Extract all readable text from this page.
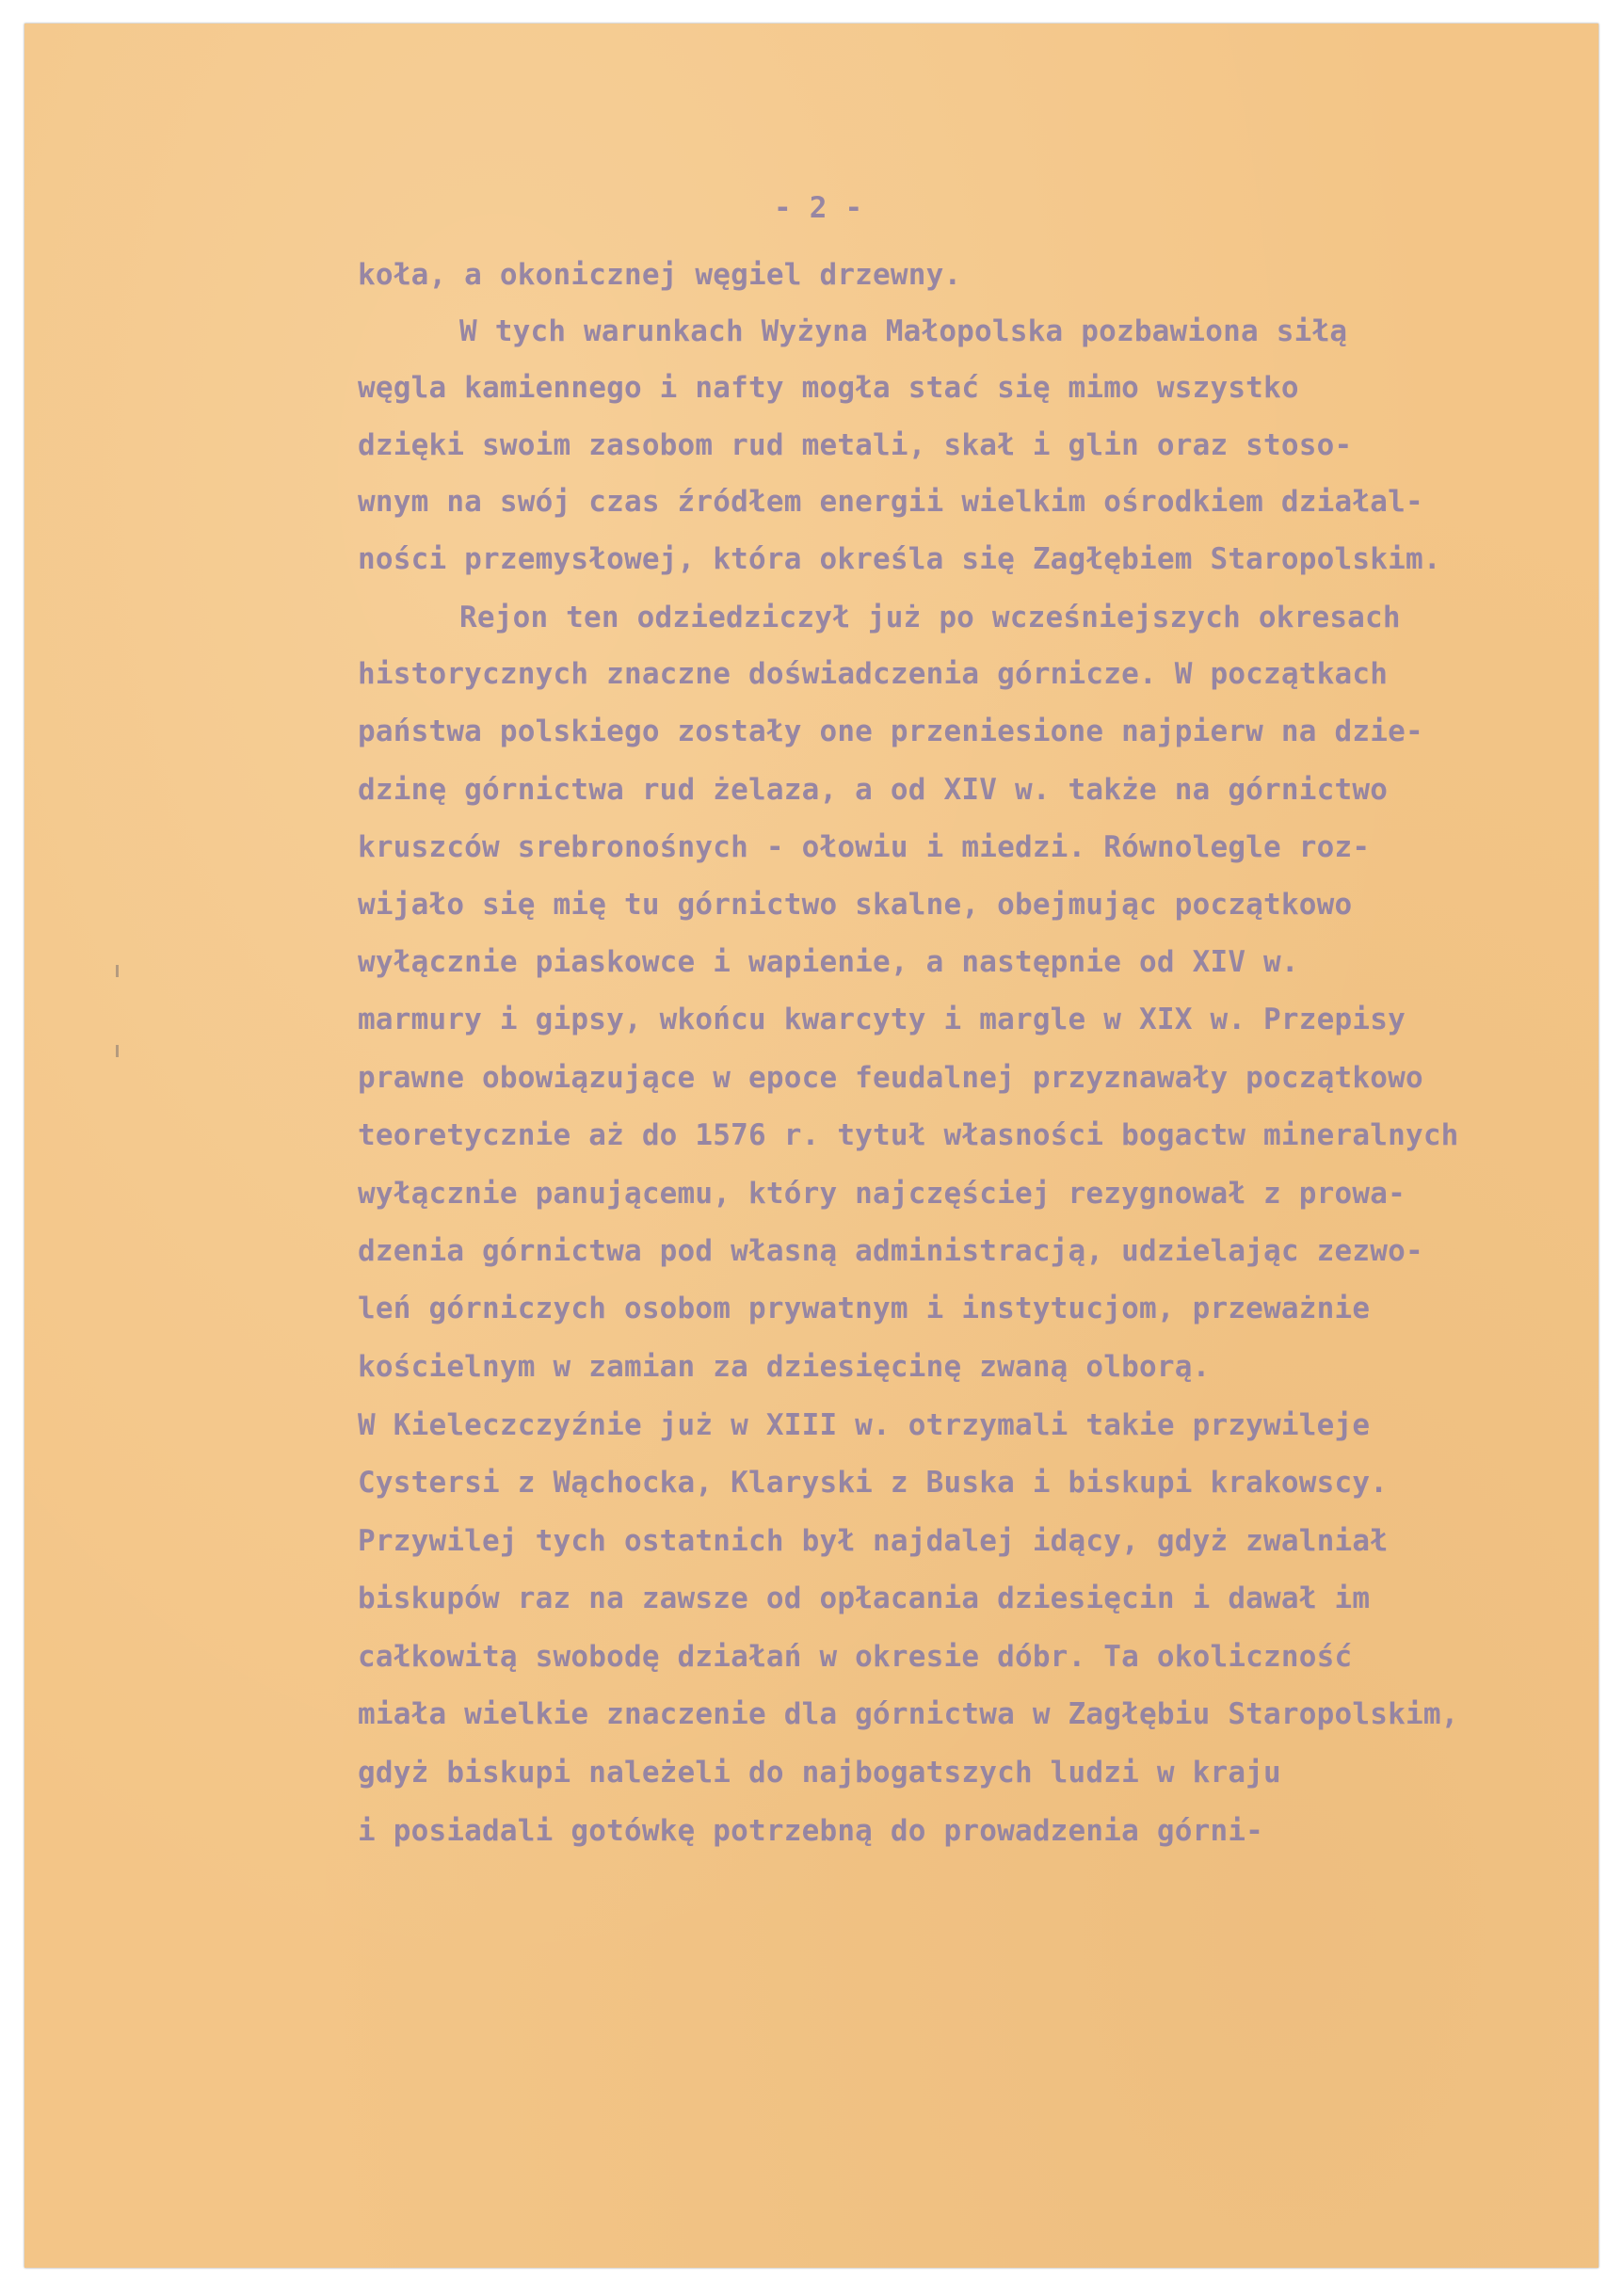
- 2 -

koła, a okonicznej węgiel drzewny.

W tych warunkach Wyżyna Małopolska pozbawiona siłą

węgla kamiennego i nafty mogła stać się mimo wszystko

dzięki swoim zasobom rud metali, skał i glin oraz stoso-

wnym na swój czas źródłem energii wielkim ośrodkiem działal-

ności przemysłowej, która określa się Zagłębiem Staropolskim.

Rejon ten odziedziczył już po wcześniejszych okresach

historycznych znaczne doświadczenia górnicze. W początkach

państwa polskiego zostały one przeniesione najpierw na dzie-

dzinę górnictwa rud żelaza, a od XIV w. także na górnictwo

kruszców srebronośnych - ołowiu i miedzi. Równolegle roz-

wijało się mię tu górnictwo skalne, obejmując początkowo

wyłącznie piaskowce i wapienie, a następnie od XIV w.

marmury i gipsy, wkońcu kwarcyty i margle w XIX w. Przepisy

prawne obowiązujące w epoce feudalnej przyznawały początkowo

teoretycznie aż do 1576 r. tytuł własności bogactw mineralnych

wyłącznie panującemu, który najczęściej rezygnował z prowa-

dzenia górnictwa pod własną administracją, udzielając zezwo-

leń górniczych osobom prywatnym i instytucjom, przeważnie

kościelnym w zamian za dziesięcinę zwaną olborą.

W Kieleczczyźnie już w XIII w. otrzymali takie przywileje

Cystersi z Wąchocka, Klaryski z Buska i biskupi krakowscy.

Przywilej tych ostatnich był najdalej idący, gdyż zwalniał

biskupów raz na zawsze od opłacania dziesięcin i dawał im

całkowitą swobodę działań w okresie dóbr. Ta okoliczność

miała wielkie znaczenie dla górnictwa w Zagłębiu Staropolskim,

gdyż biskupi należeli do najbogatszych ludzi w kraju

i posiadali gotówkę potrzebną do prowadzenia górni-
